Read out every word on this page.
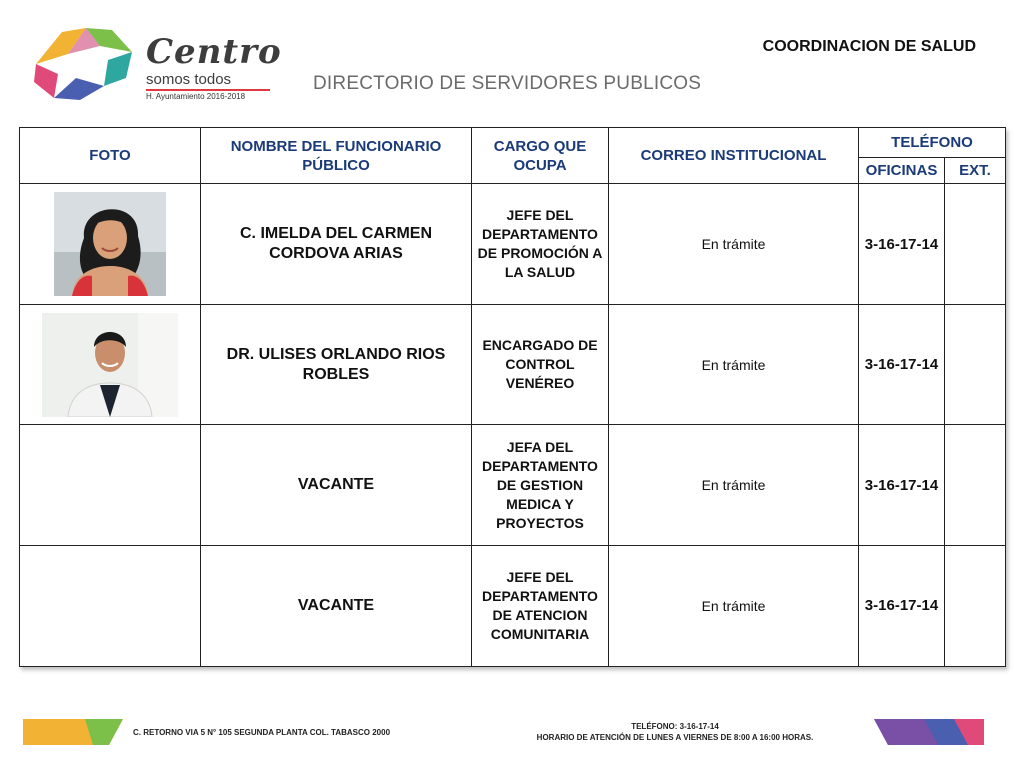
Centro
somos todos
H. Ayuntamiento 2016-2018
COORDINACION DE SALUD
DIRECTORIO DE SERVIDORES PUBLICOS
FOTO	NOMBRE DEL FUNCIONARIO PÚBLICO	CARGO QUE OCUPA	CORREO INSTITUCIONAL	TELÉFONO	
				OFICINAS	EXT.
	C. IMELDA DEL CARMEN CORDOVA ARIAS	JEFE DEL DEPARTAMENTO DE PROMOCIÓN A LA SALUD	En trámite	3-16-17-14	
	DR. ULISES ORLANDO RIOS ROBLES	ENCARGADO DE CONTROL VENÉREO	En trámite	3-16-17-14	
	VACANTE	JEFA DEL DEPARTAMENTO DE GESTION MEDICA Y PROYECTOS	En trámite	3-16-17-14	
	VACANTE	JEFE DEL DEPARTAMENTO DE ATENCION COMUNITARIA	En trámite	3-16-17-14	
C. RETORNO VIA 5 N° 105 SEGUNDA PLANTA COL. TABASCO 2000
TELÉFONO: 3-16-17-14
HORARIO DE ATENCIÓN DE LUNES A VIERNES DE 8:00 A 16:00 HORAS.
